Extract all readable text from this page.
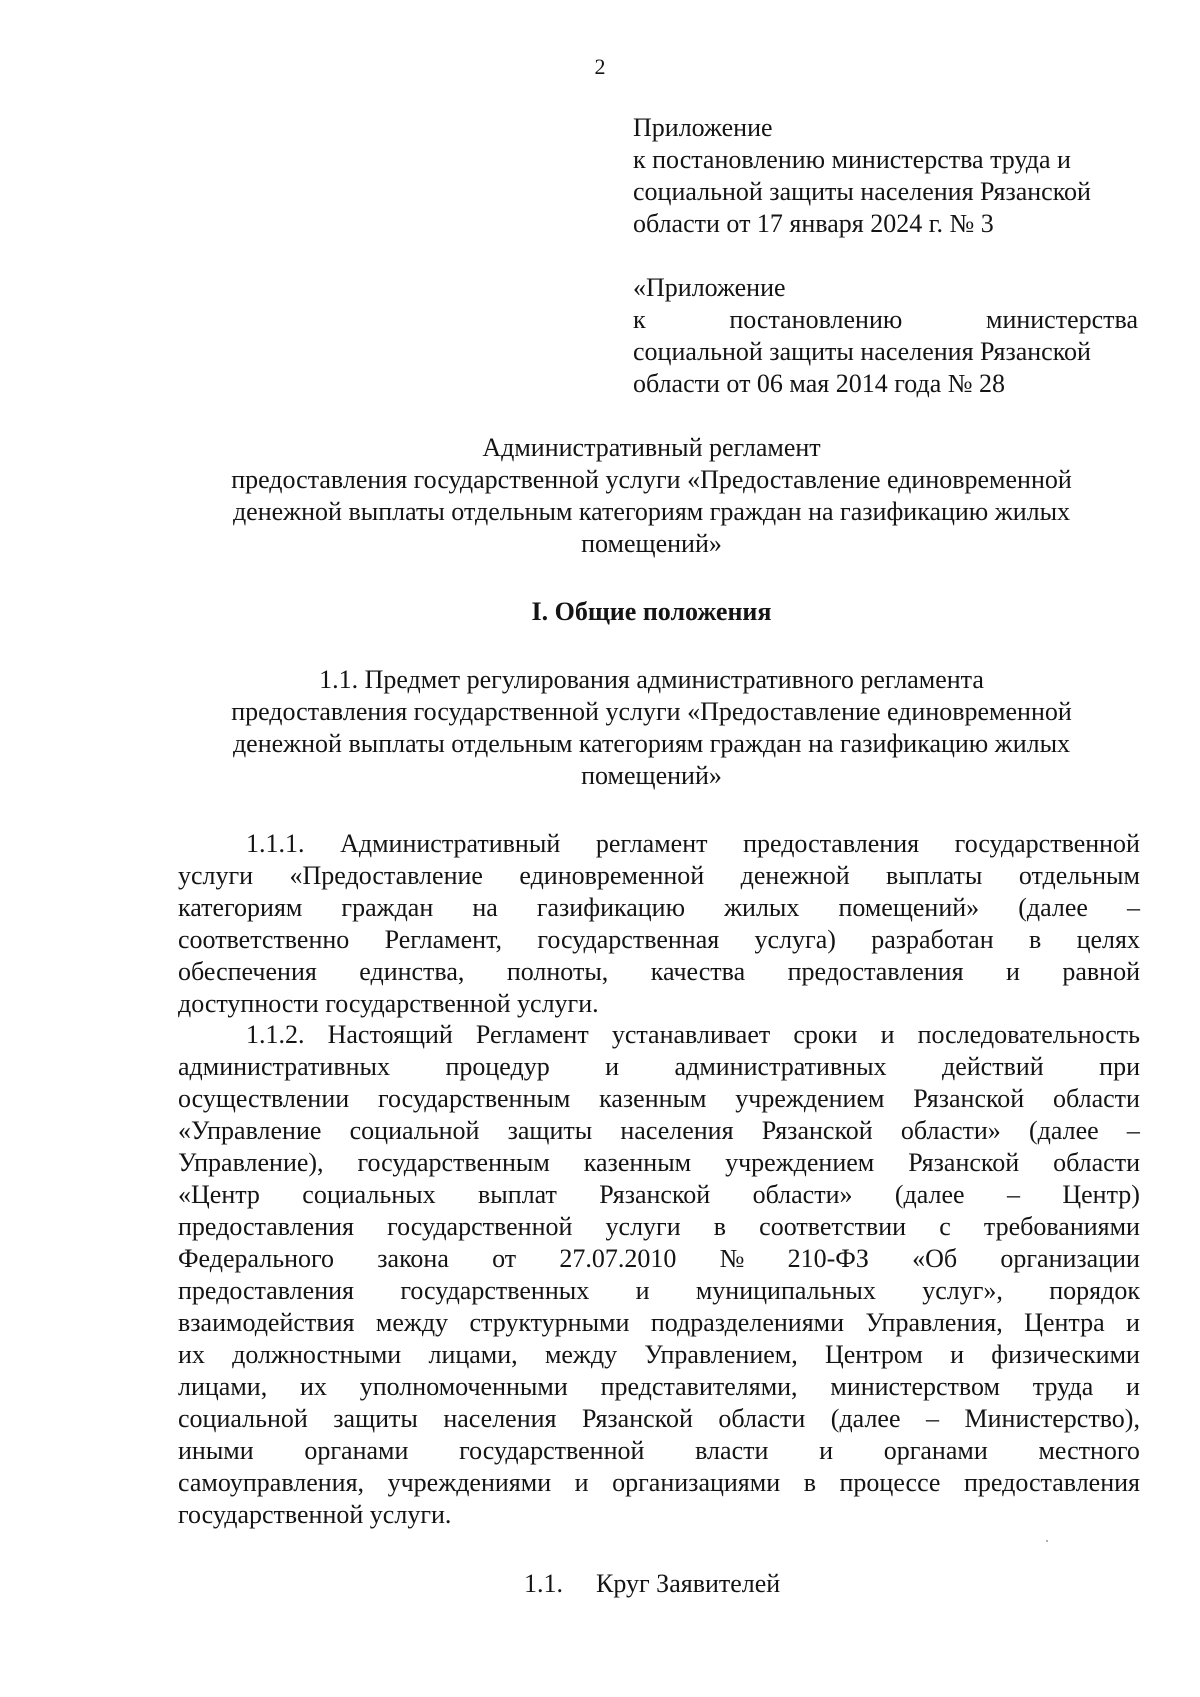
2
Приложение
к постановлению министерства труда и
социальной защиты населения Рязанской
области от 17 января 2024 г. № 3
«Приложение
к	постановлению	министерства
социальной защиты населения Рязанской
области от 06 мая 2014 года № 28
Административный регламент
предоставления государственной услуги «Предоставление единовременной
денежной выплаты отдельным категориям граждан на газификацию жилых
помещений»
I. Общие положения
1.1. Предмет регулирования административного регламента
предоставления государственной услуги «Предоставление единовременной
денежной выплаты отдельным категориям граждан на газификацию жилых
помещений»
1.1.1. Административный регламент предоставления государственной
услуги «Предоставление единовременной денежной выплаты отдельным
категориям граждан на газификацию жилых помещений» (далее –
соответственно Регламент, государственная услуга) разработан в целях
обеспечения единства, полноты, качества предоставления и равной
доступности государственной услуги.
1.1.2. Настоящий Регламент устанавливает сроки и последовательность
административных процедур и административных действий при
осуществлении государственным казенным учреждением Рязанской области
«Управление социальной защиты населения Рязанской области» (далее –
Управление), государственным казенным учреждением Рязанской области
«Центр социальных выплат Рязанской области» (далее – Центр)
предоставления государственной услуги в соответствии с требованиями
Федерального закона от 27.07.2010 № 210-ФЗ «Об организации
предоставления государственных и муниципальных услуг», порядок
взаимодействия между структурными подразделениями Управления, Центра и
их должностными лицами, между Управлением, Центром и физическими
лицами, их уполномоченными представителями, министерством труда и
социальной защиты населения Рязанской области (далее – Министерство),
иными органами государственной власти и органами местного
самоуправления, учреждениями и организациями в процессе предоставления
государственной услуги.
1.1. Круг Заявителей
